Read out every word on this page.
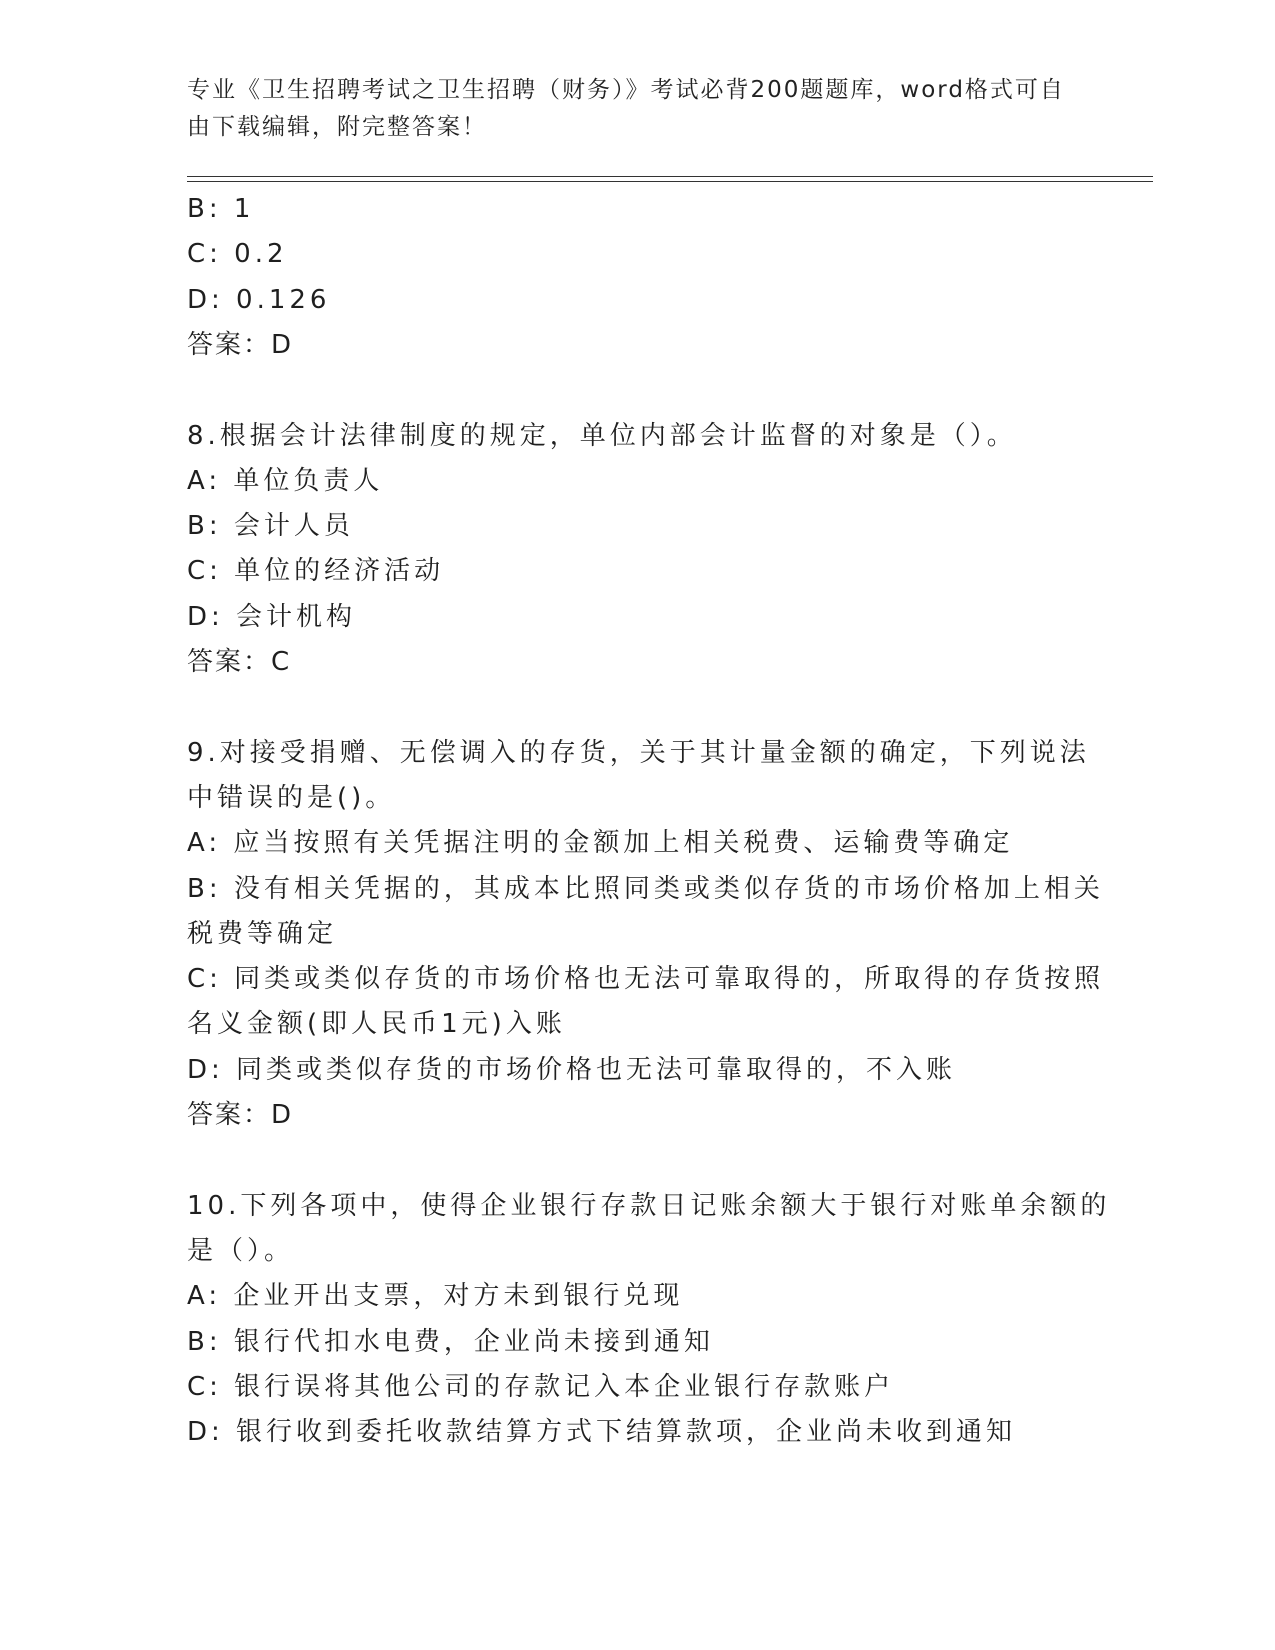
专业《卫生招聘考试之卫生招聘（财务）》考试必背200题题库，word格式可自
由下载编辑，附完整答案！
B: 1
C: 0.2
D: 0.126
答案：D
8.根据会计法律制度的规定，单位内部会计监督的对象是（）。
A: 单位负责人
B: 会计人员
C: 单位的经济活动
D: 会计机构
答案：C
9.对接受捐赠、无偿调入的存货，关于其计量金额的确定，下列说法
中错误的是()。
A: 应当按照有关凭据注明的金额加上相关税费、运输费等确定
B: 没有相关凭据的，其成本比照同类或类似存货的市场价格加上相关
税费等确定
C: 同类或类似存货的市场价格也无法可靠取得的，所取得的存货按照
名义金额(即人民币1元)入账
D: 同类或类似存货的市场价格也无法可靠取得的，不入账
答案：D
10.下列各项中，使得企业银行存款日记账余额大于银行对账单余额的
是（）。
A: 企业开出支票，对方未到银行兑现
B: 银行代扣水电费，企业尚未接到通知
C: 银行误将其他公司的存款记入本企业银行存款账户
D: 银行收到委托收款结算方式下结算款项，企业尚未收到通知
